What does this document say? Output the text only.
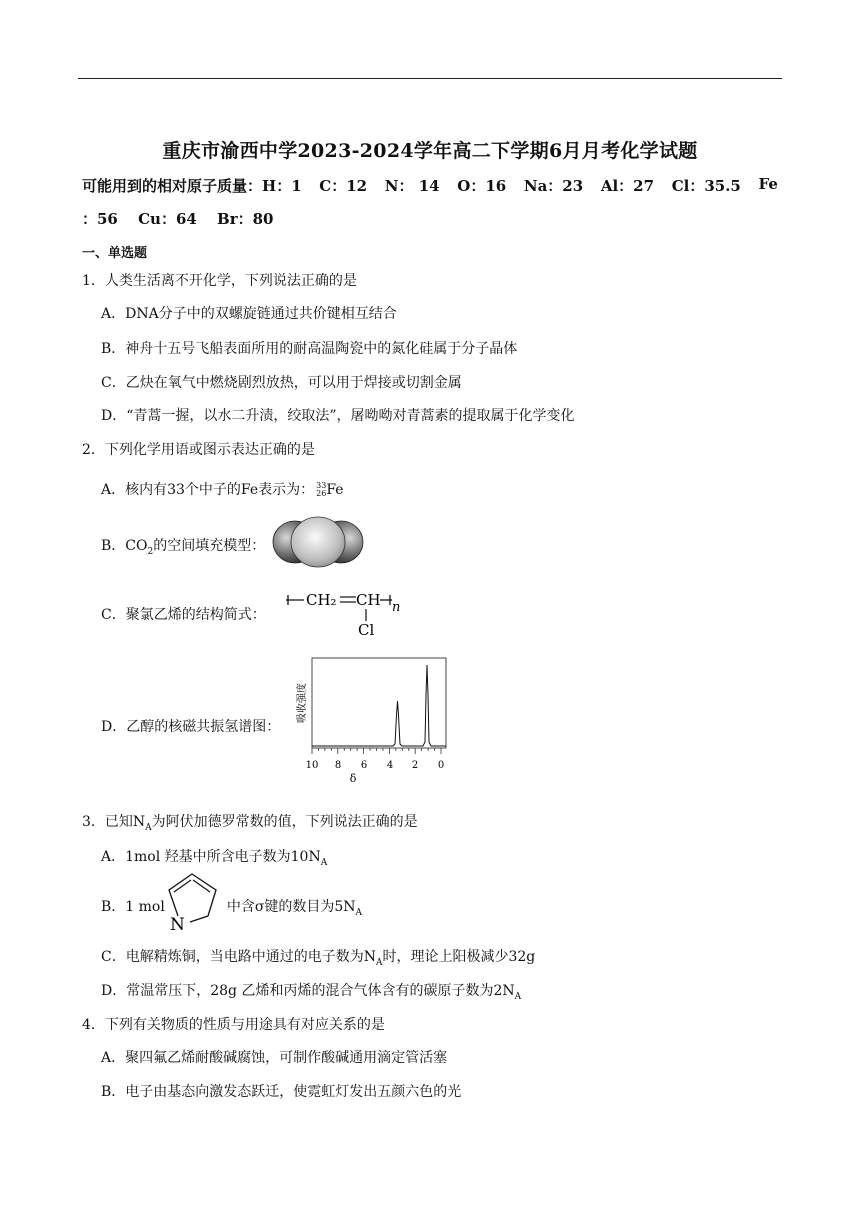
重庆市渝西中学2023-2024学年高二下学期6月月考化学试题
可能用到的相对原子质量：H：1 C：12 N： 14 O：16 Na：23 Al：27 Cl：35.5 Fe
：56　 Cu：64　 Br：80
一、单选题
1．人类生活离不开化学，下列说法正确的是
A．DNA分子中的双螺旋链通过共价键相互结合
B．神舟十五号飞船表面所用的耐高温陶瓷中的氮化硅属于分子晶体
C．乙炔在氧气中燃烧剧烈放热，可以用于焊接或切割金属
D．“青蒿一握，以水二升渍，绞取法”，屠呦呦对青蒿素的提取属于化学变化
2．下列化学用语或图示表达正确的是
A．核内有33个中子的Fe表示为： 33
26 Fe
B．$CO_2$的空间填充模型：
C．聚氯乙烯的结构简式：
CH₂ CH n
Cl
D．乙醇的核磁共振氢谱图：
吸收强度
10 8 6 4 2 0
δ
3．已知$N_A$为阿伏加德罗常数的值，下列说法正确的是
A．1mol 羟基中所含电子数为$10N_A$
B．1 mol	中含σ键的数目为$5N_A$
N
C．电解精炼铜，当电路中通过的电子数为$N_A$时，理论上阳极减少32g
D．常温常压下，28g 乙烯和丙烯的混合气体含有的碳原子数为$2N_A$
4．下列有关物质的性质与用途具有对应关系的是
A．聚四氟乙烯耐酸碱腐蚀，可制作酸碱通用滴定管活塞
B．电子由基态向激发态跃迁，使霓虹灯发出五颜六色的光
